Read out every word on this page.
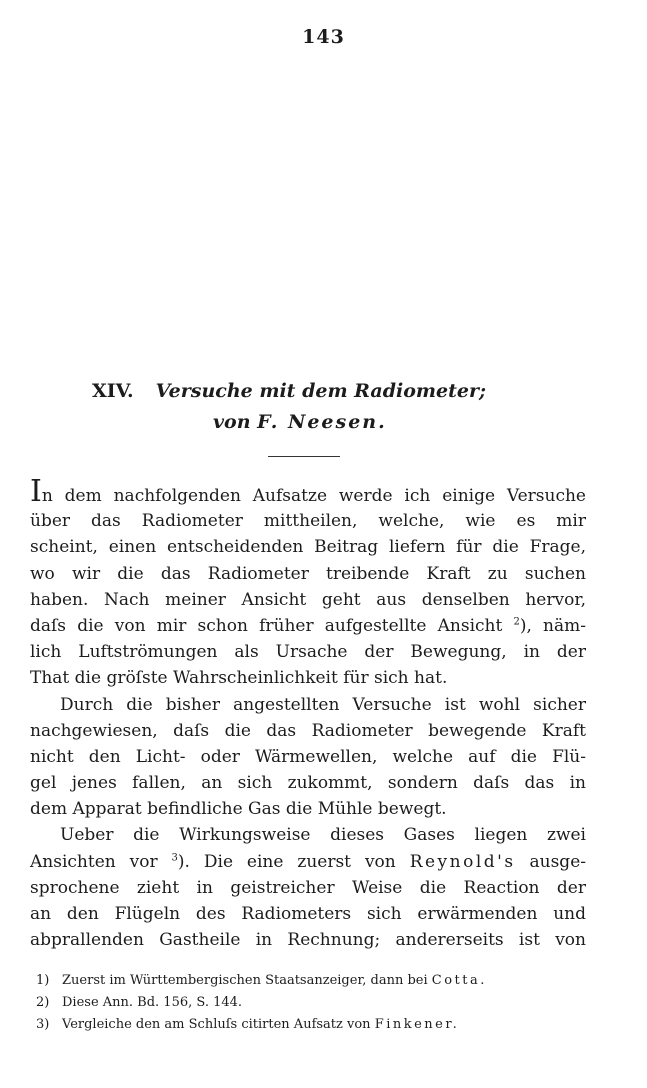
143
XIV. Versuche mit dem Radiometer;
von F. Neesen.
In dem nachfolgenden Aufsatze werde ich einige Versuche
über das Radiometer mittheilen, welche, wie es mir
scheint, einen entscheidenden Beitrag liefern für die Frage,
wo wir die das Radiometer treibende Kraft zu suchen
haben. Nach meiner Ansicht geht aus denselben hervor,
daſs die von mir schon früher aufgestellte Ansicht $^2$), näm-
lich Luftströmungen als Ursache der Bewegung, in der
That die gröſste Wahrscheinlichkeit für sich hat.
Durch die bisher angestellten Versuche ist wohl sicher
nachgewiesen, daſs die das Radiometer bewegende Kraft
nicht den Licht- oder Wärmewellen, welche auf die Flü-
gel jenes fallen, an sich zukommt, sondern daſs das in
dem Apparat befindliche Gas die Mühle bewegt.
Ueber die Wirkungsweise dieses Gases liegen zwei
Ansichten vor $^3$). Die eine zuerst von Reynold's ausge-
sprochene zieht in geistreicher Weise die Reaction der
an den Flügeln des Radiometers sich erwärmenden und
abprallenden Gastheile in Rechnung; andererseits ist von
1) Zuerst im Württembergischen Staatsanzeiger, dann bei Cotta.
2) Diese Ann. Bd. 156, S. 144.
3) Vergleiche den am Schluſs citirten Aufsatz von Finkener.
